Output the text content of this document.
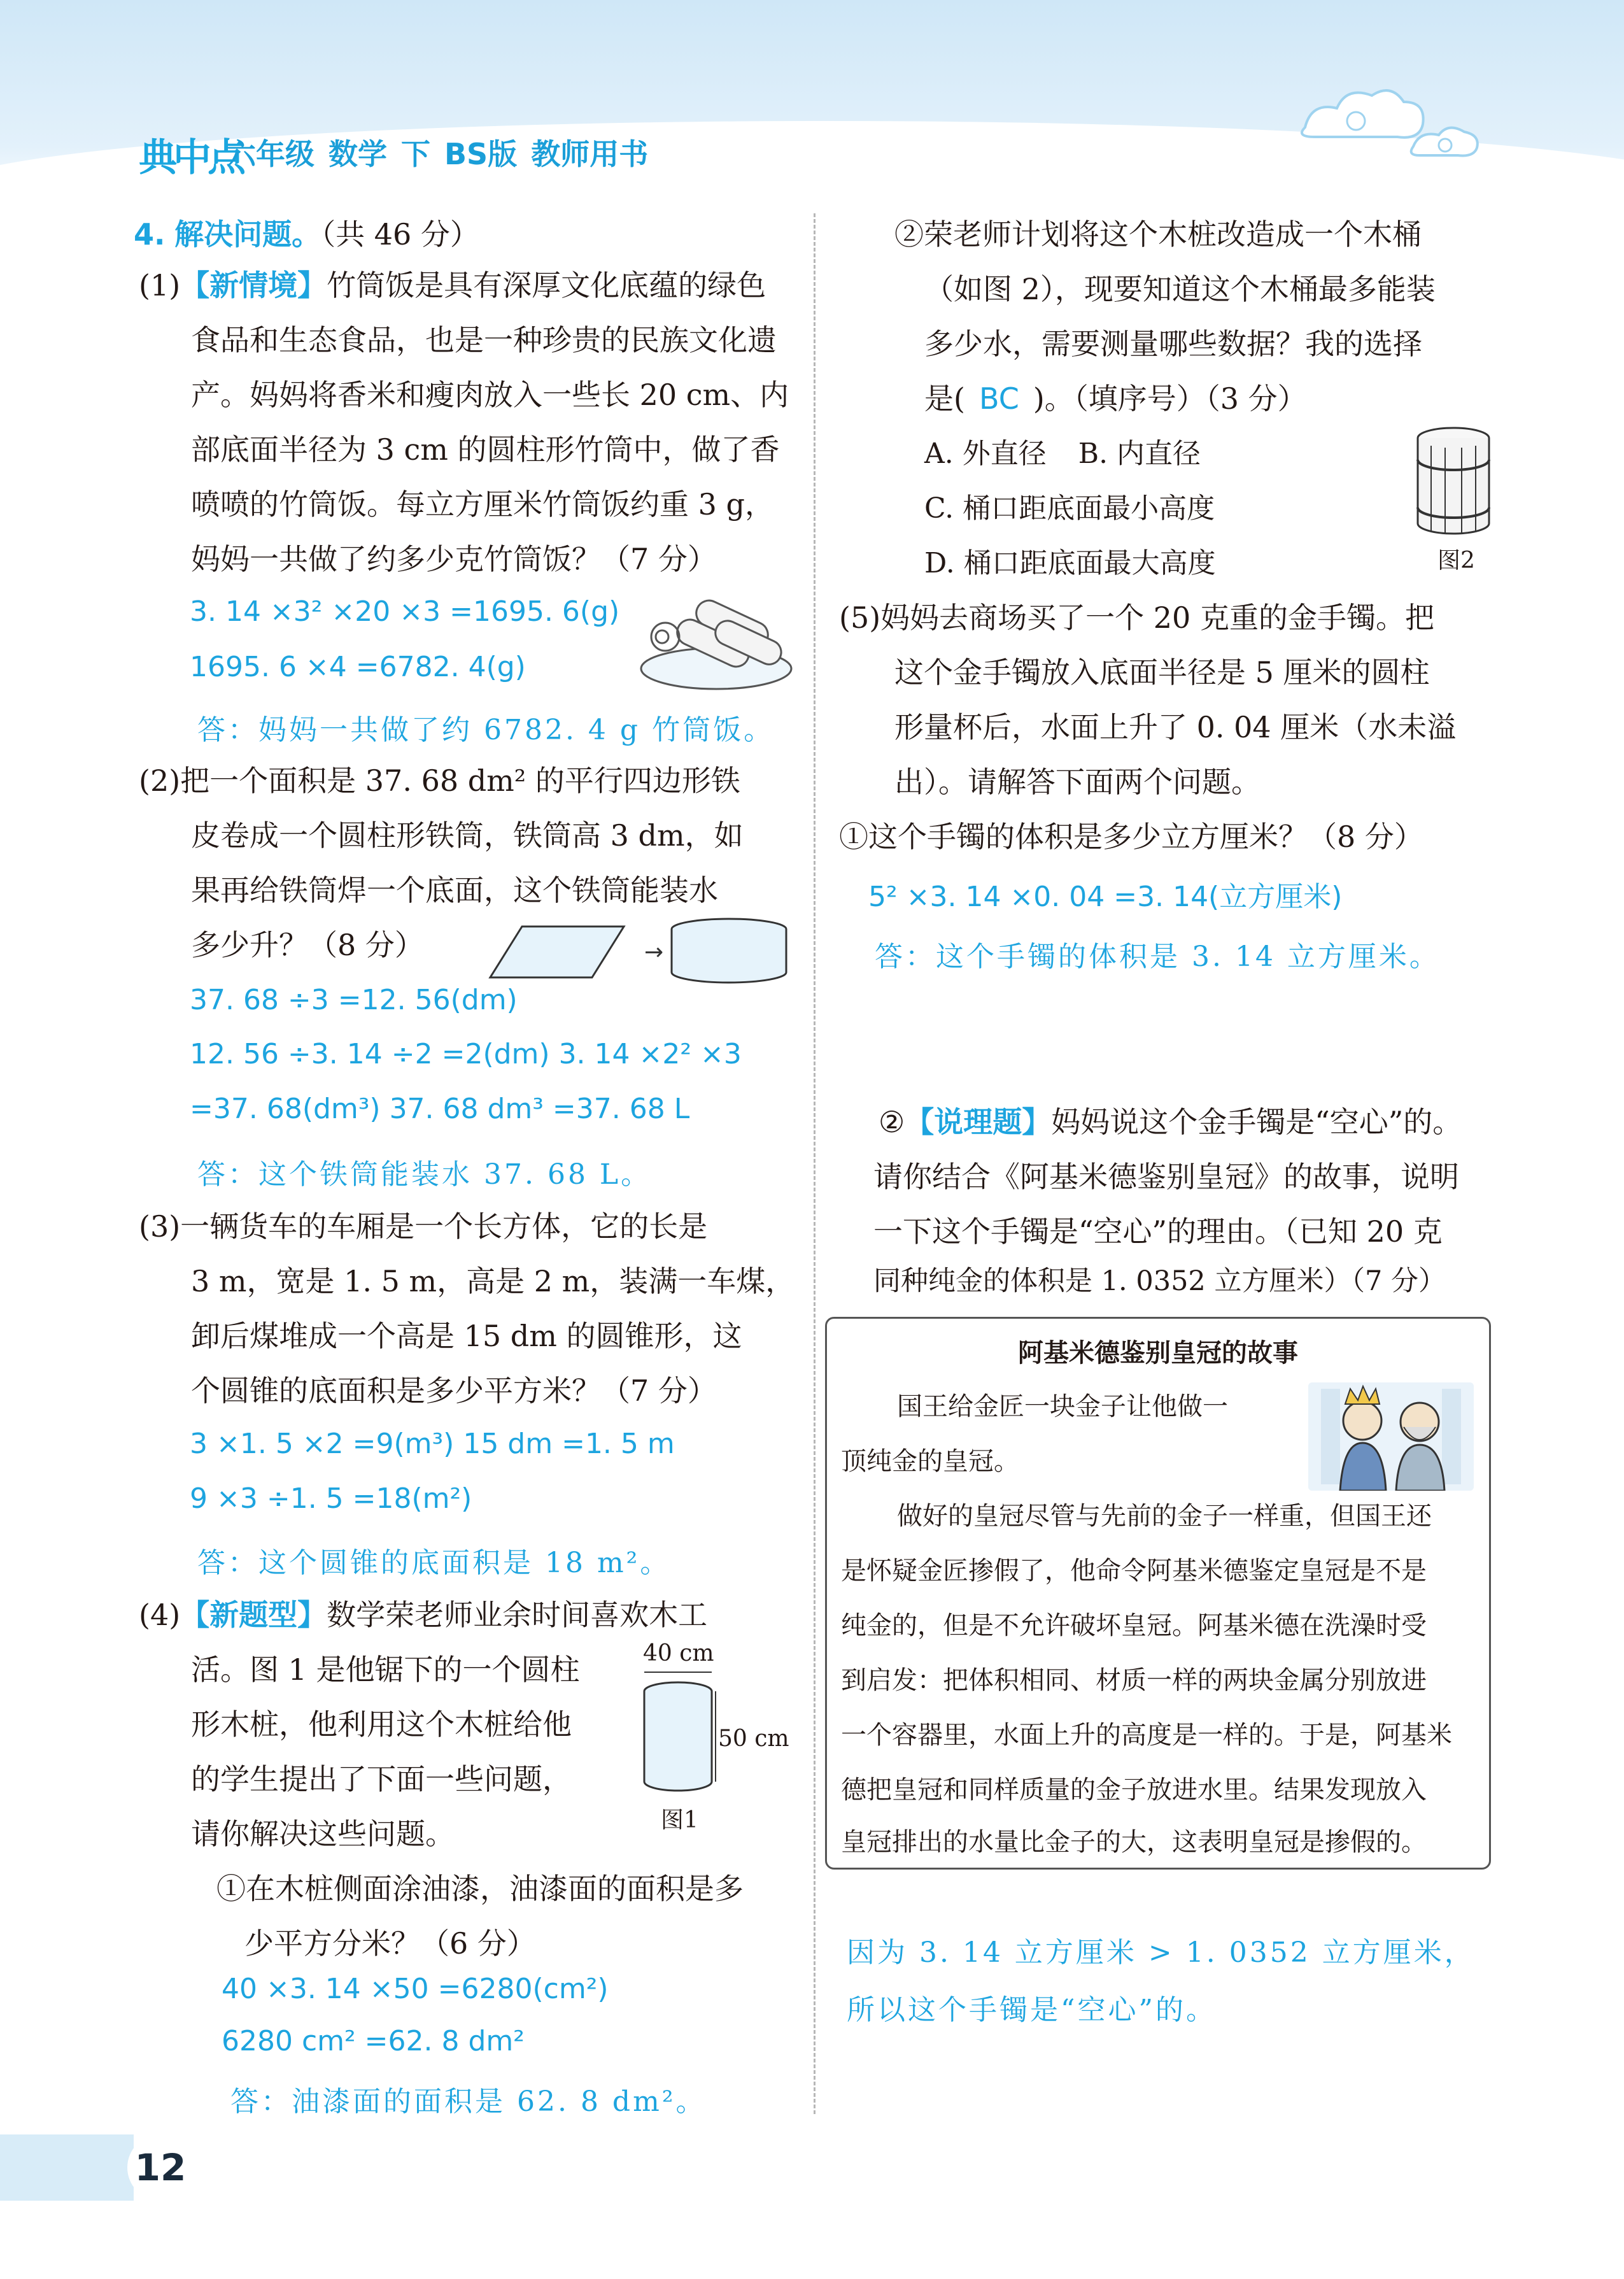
典中点
六年级 数学 下 BS版 教师用书
4. 解决问题。（共 46 分）
(1)【新情境】竹筒饭是具有深厚文化底蕴的绿色
食品和生态食品，也是一种珍贵的民族文化遗
产。妈妈将香米和瘦肉放入一些长 20 cm、内
部底面半径为 3 cm 的圆柱形竹筒中，做了香
喷喷的竹筒饭。每立方厘米竹筒饭约重 3 g，
妈妈一共做了约多少克竹筒饭？（7 分）
3. 14 ×3² ×20 ×3 =1695. 6(g)
1695. 6 ×4 =6782. 4(g)
答：妈妈一共做了约 6782. 4 g 竹筒饭。
(2)把一个面积是 37. 68 dm² 的平行四边形铁
皮卷成一个圆柱形铁筒，铁筒高 3 dm，如
果再给铁筒焊一个底面，这个铁筒能装水
多少升？（8 分）	→
37. 68 ÷3 =12. 56(dm)
12. 56 ÷3. 14 ÷2 =2(dm) 3. 14 ×2² ×3
=37. 68(dm³) 37. 68 dm³ =37. 68 L
答：这个铁筒能装水 37. 68 L。
(3)一辆货车的车厢是一个长方体，它的长是
3 m，宽是 1. 5 m，高是 2 m，装满一车煤，
卸后煤堆成一个高是 15 dm 的圆锥形，这
个圆锥的底面积是多少平方米？（7 分）
3 ×1. 5 ×2 =9(m³) 15 dm =1. 5 m
9 ×3 ÷1. 5 =18(m²)
答：这个圆锥的底面积是 18 m²。
(4)【新题型】数学荣老师业余时间喜欢木工
活。图 1 是他锯下的一个圆柱
形木桩，他利用这个木桩给他
的学生提出了下面一些问题，
请你解决这些问题。
40 cm
50 cm
图1
①在木桩侧面涂油漆，油漆面的面积是多
少平方分米？（6 分）
40 ×3. 14 ×50 =6280(cm²)
6280 cm² =62. 8 dm²
答：油漆面的面积是 62. 8 dm²。
②荣老师计划将这个木桩改造成一个木桶
（如图 2），现要知道这个木桶最多能装
多少水，需要测量哪些数据？我的选择
是( BC )。（填序号）（3 分）
A. 外直径 B. 内直径
C. 桶口距底面最小高度
D. 桶口距底面最大高度	图2
(5)妈妈去商场买了一个 20 克重的金手镯。把
这个金手镯放入底面半径是 5 厘米的圆柱
形量杯后，水面上升了 0. 04 厘米（水未溢
出）。请解答下面两个问题。
①这个手镯的体积是多少立方厘米？（8 分）
5² ×3. 14 ×0. 04 =3. 14(立方厘米)
答：这个手镯的体积是 3. 14 立方厘米。
②【说理题】妈妈说这个金手镯是“空心”的。
请你结合《阿基米德鉴别皇冠》的故事，说明
一下这个手镯是“空心”的理由。（已知 20 克
同种纯金的体积是 1. 0352 立方厘米）（7 分）
阿基米德鉴别皇冠的故事
国王给金匠一块金子让他做一
顶纯金的皇冠。
做好的皇冠尽管与先前的金子一样重，但国王还
是怀疑金匠掺假了，他命令阿基米德鉴定皇冠是不是
纯金的，但是不允许破坏皇冠。阿基米德在洗澡时受
到启发：把体积相同、材质一样的两块金属分别放进
一个容器里，水面上升的高度是一样的。于是，阿基米
德把皇冠和同样质量的金子放进水里。结果发现放入
皇冠排出的水量比金子的大，这表明皇冠是掺假的。
因为 3. 14 立方厘米 > 1. 0352 立方厘米，
所以这个手镯是“空心”的。
12
